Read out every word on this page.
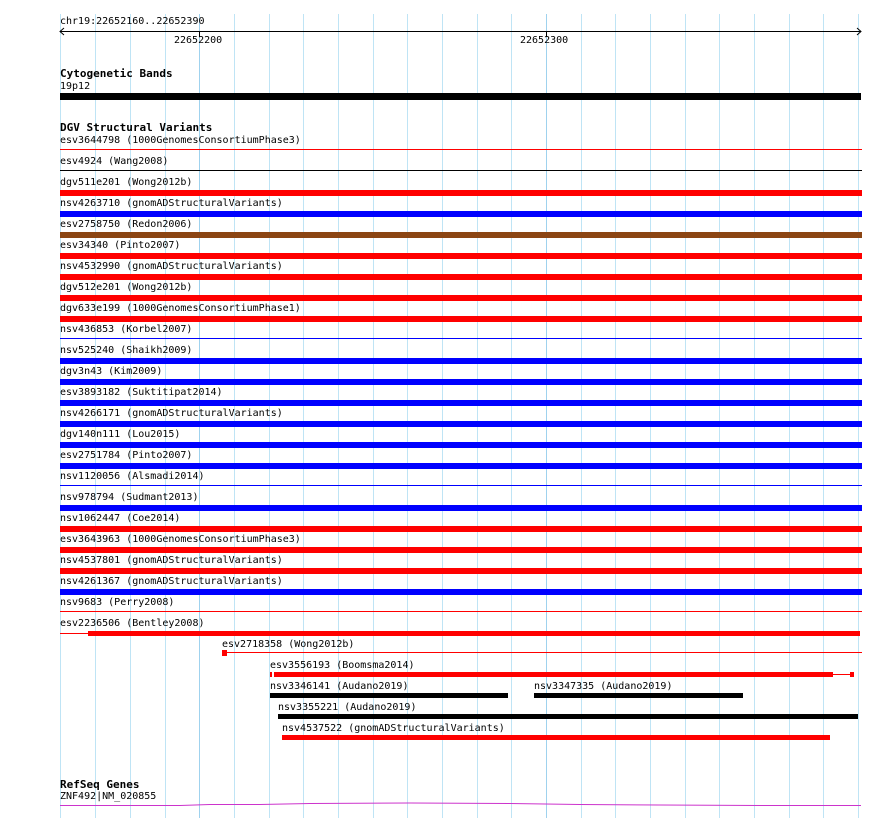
chr19:22652160..22652390
22652200	22652300
Cytogenetic Bands
19p12
DGV Structural Variants
esv3644798 (1000GenomesConsortiumPhase3)
esv4924 (Wang2008)
dgv511e201 (Wong2012b)
nsv4263710 (gnomADStructuralVariants)
esv2758750 (Redon2006)
esv34340 (Pinto2007)
nsv4532990 (gnomADStructuralVariants)
dgv512e201 (Wong2012b)
dgv633e199 (1000GenomesConsortiumPhase1)
nsv436853 (Korbel2007)
nsv525240 (Shaikh2009)
dgv3n43 (Kim2009)
esv3893182 (Suktitipat2014)
nsv4266171 (gnomADStructuralVariants)
dgv140n111 (Lou2015)
esv2751784 (Pinto2007)
nsv1120056 (Alsmadi2014)
nsv978794 (Sudmant2013)
nsv1062447 (Coe2014)
esv3643963 (1000GenomesConsortiumPhase3)
nsv4537801 (gnomADStructuralVariants)
nsv4261367 (gnomADStructuralVariants)
nsv9683 (Perry2008)
esv2236506 (Bentley2008)
esv2718358 (Wong2012b)
esv3556193 (Boomsma2014)
nsv3346141 (Audano2019)	nsv3347335 (Audano2019)
nsv3355221 (Audano2019)
nsv4537522 (gnomADStructuralVariants)
RefSeq Genes
ZNF492|NM_020855
